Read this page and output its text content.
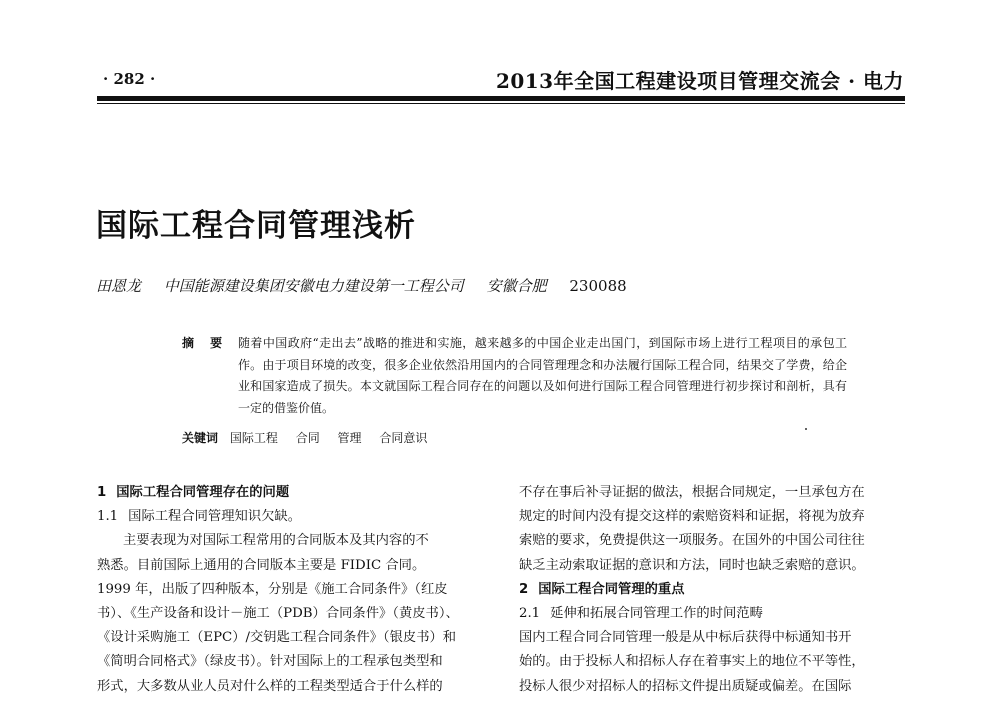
· 282 ·	2013年全国工程建设项目管理交流会 · 电力
国际工程合同管理浅析
田恩龙 中国能源建设集团安徽电力建设第一工程公司 安徽合肥 230088
摘 要 随着中国政府“走出去”战略的推进和实施，越来越多的中国企业走出国门，到国际市场上进行工程项目的承包工作。由于项目环境的改变，很多企业依然沿用国内的合同管理理念和办法履行国际工程合同，结果交了学费，给企业和国家造成了损失。本文就国际工程合同存在的问题以及如何进行国际工程合同管理进行初步探讨和剖析，具有一定的借鉴价值。
关键词 国际工程 合同 管理 合同意识
1 国际工程合同管理存在的问题
1.1 国际工程合同管理知识欠缺。
主要表现为对国际工程常用的合同版本及其内容的不
熟悉。目前国际上通用的合同版本主要是 FIDIC 合同。
1999 年，出版了四种版本，分别是《施工合同条件》（红皮
书）、《生产设备和设计－施工（PDB）合同条件》（黄皮书）、
《设计采购施工（EPC）/交钥匙工程合同条件》（银皮书）和
《简明合同格式》（绿皮书）。针对国际上的工程承包类型和
形式，大多数从业人员对什么样的工程类型适合于什么样的
不存在事后补寻证据的做法，根据合同规定，一旦承包方在
规定的时间内没有提交这样的索赔资料和证据，将视为放弃
索赔的要求，免费提供这一项服务。在国外的中国公司往往
缺乏主动索取证据的意识和方法，同时也缺乏索赔的意识。
2 国际工程合同管理的重点
2.1 延伸和拓展合同管理工作的时间范畴
国内工程合同合同管理一般是从中标后获得中标通知书开
始的。由于投标人和招标人存在着事实上的地位不平等性，
投标人很少对招标人的招标文件提出质疑或偏差。在国际
